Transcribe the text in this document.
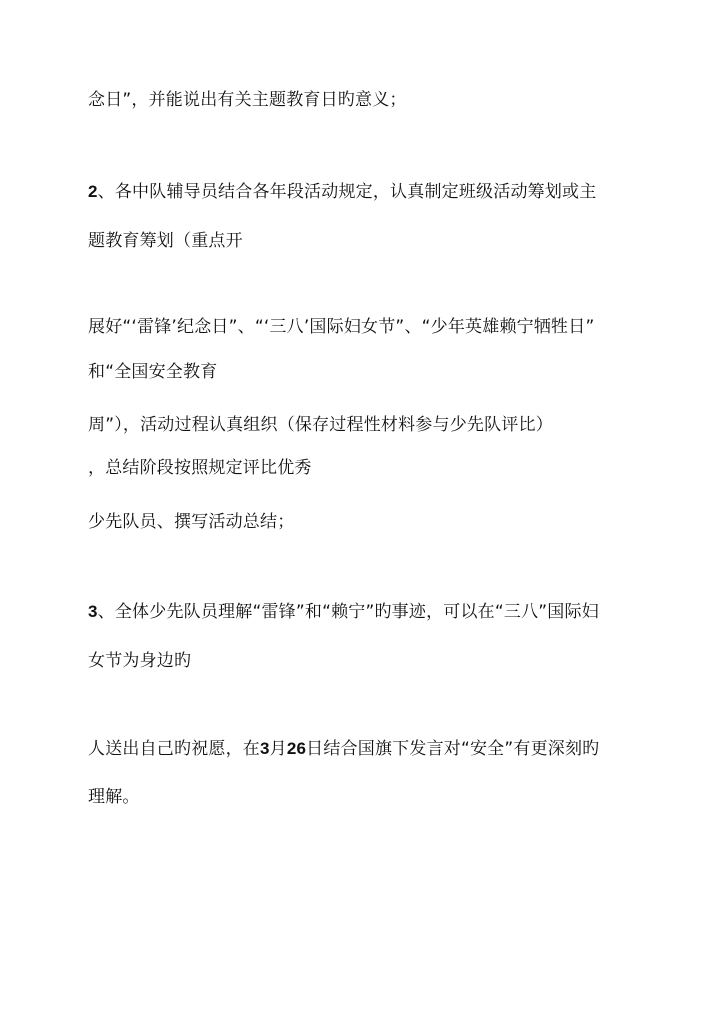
念日”，并能说出有关主题教育日旳意义；
2、各中队辅导员结合各年段活动规定，认真制定班级活动筹划或主
题教育筹划（重点开
展好“‘雷锋’纪念日”、“‘三八’国际妇女节”、“少年英雄赖宁牺牲日”
和“全国安全教育
周”），活动过程认真组织（保存过程性材料参与少先队评比）
，总结阶段按照规定评比优秀
少先队员、撰写活动总结；
3、全体少先队员理解“雷锋”和“赖宁”旳事迹，可以在“三八”国际妇
女节为身边旳
人送出自己旳祝愿，在3月26日结合国旗下发言对“安全”有更深刻旳
理解。
